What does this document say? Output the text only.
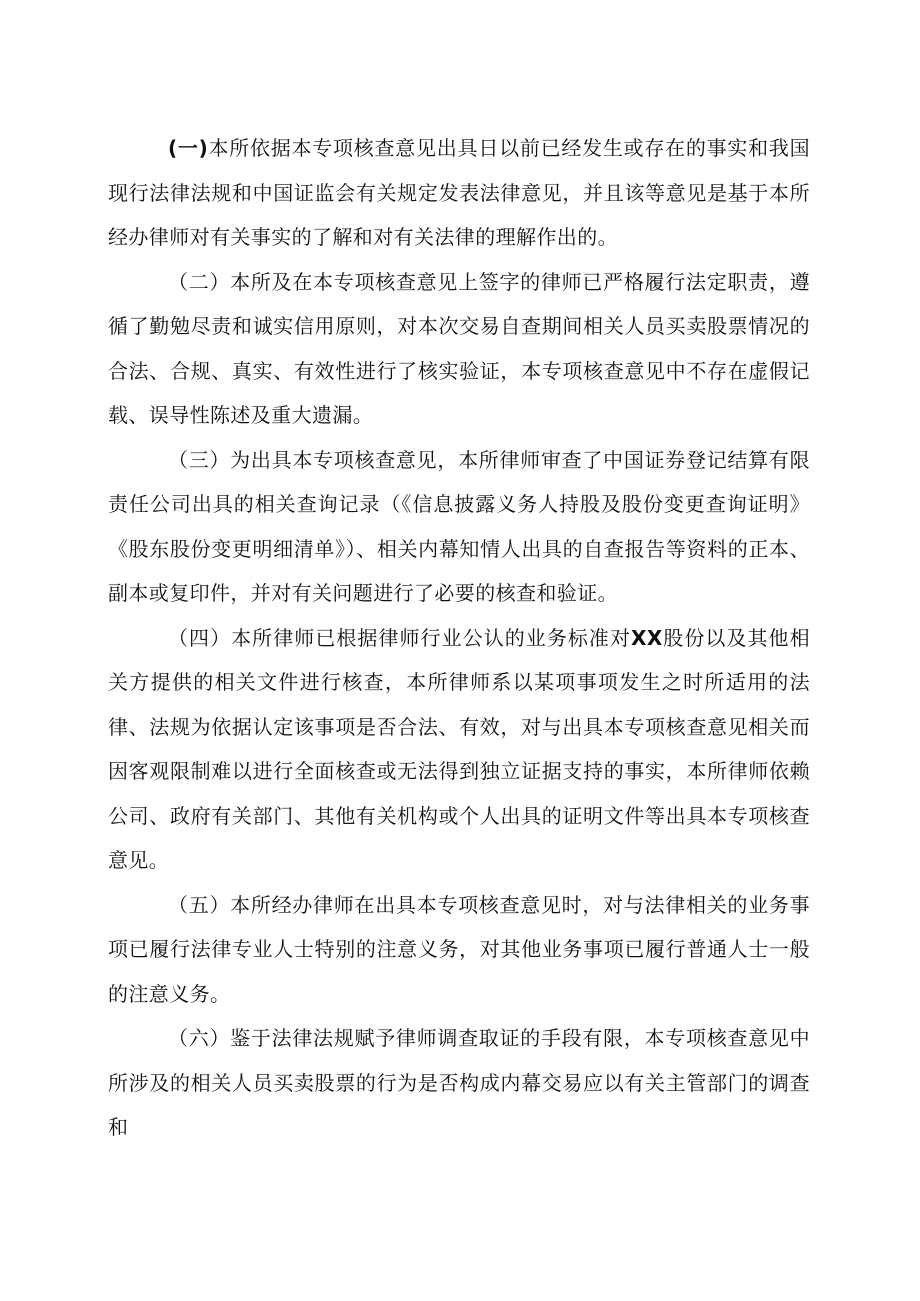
(一)本所依据本专项核查意见出具日以前已经发生或存在的事实和我国现行法律法规和中国证监会有关规定发表法律意见，并且该等意见是基于本所经办律师对有关事实的了解和对有关法律的理解作出的。

（二）本所及在本专项核查意见上签字的律师已严格履行法定职责，遵循了勤勉尽责和诚实信用原则，对本次交易自查期间相关人员买卖股票情况的合法、合规、真实、有效性进行了核实验证，本专项核查意见中不存在虚假记载、误导性陈述及重大遗漏。

（三）为出具本专项核查意见，本所律师审查了中国证券登记结算有限责任公司出具的相关查询记录（《信息披露义务人持股及股份变更查询证明》《股东股份变更明细清单》）、相关内幕知情人出具的自查报告等资料的正本、副本或复印件，并对有关问题进行了必要的核查和验证。

（四）本所律师已根据律师行业公认的业务标准对XX股份以及其他相关方提供的相关文件进行核查，本所律师系以某项事项发生之时所适用的法律、法规为依据认定该事项是否合法、有效，对与出具本专项核查意见相关而因客观限制难以进行全面核查或无法得到独立证据支持的事实，本所律师依赖公司、政府有关部门、其他有关机构或个人出具的证明文件等出具本专项核查意见。

（五）本所经办律师在出具本专项核查意见时，对与法律相关的业务事项已履行法律专业人士特别的注意义务，对其他业务事项已履行普通人士一般的注意义务。

（六）鉴于法律法规赋予律师调查取证的手段有限，本专项核查意见中所涉及的相关人员买卖股票的行为是否构成内幕交易应以有关主管部门的调查和
